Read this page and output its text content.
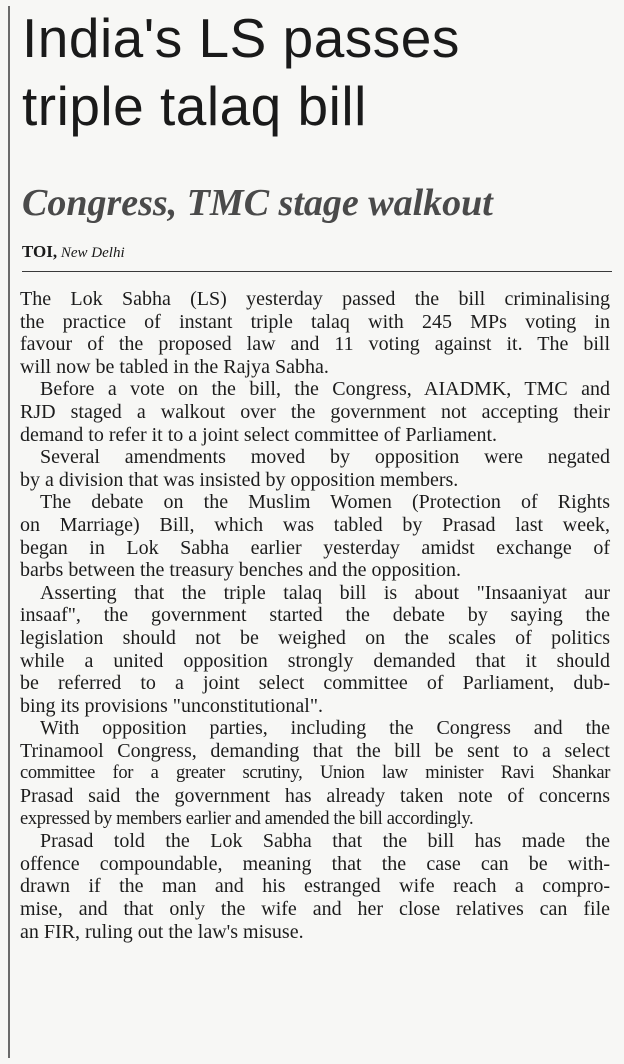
India's LS passes
triple talaq bill
Congress, TMC stage walkout
TOI, New Delhi
The Lok Sabha (LS) yesterday passed the bill criminalising
the practice of instant triple talaq with 245 MPs voting in
favour of the proposed law and 11 voting against it. The bill
will now be tabled in the Rajya Sabha.
Before a vote on the bill, the Congress, AIADMK, TMC and
RJD staged a walkout over the government not accepting their
demand to refer it to a joint select committee of Parliament.
Several amendments moved by opposition were negated
by a division that was insisted by opposition members.
The debate on the Muslim Women (Protection of Rights
on Marriage) Bill, which was tabled by Prasad last week,
began in Lok Sabha earlier yesterday amidst exchange of
barbs between the treasury benches and the opposition.
Asserting that the triple talaq bill is about "Insaaniyat aur
insaaf", the government started the debate by saying the
legislation should not be weighed on the scales of politics
while a united opposition strongly demanded that it should
be referred to a joint select committee of Parliament, dub-
bing its provisions "unconstitutional".
With opposition parties, including the Congress and the
Trinamool Congress, demanding that the bill be sent to a select
committee for a greater scrutiny, Union law minister Ravi Shankar
Prasad said the government has already taken note of concerns
expressed by members earlier and amended the bill accordingly.
Prasad told the Lok Sabha that the bill has made the
offence compoundable, meaning that the case can be with-
drawn if the man and his estranged wife reach a compro-
mise, and that only the wife and her close relatives can file
an FIR, ruling out the law's misuse.
